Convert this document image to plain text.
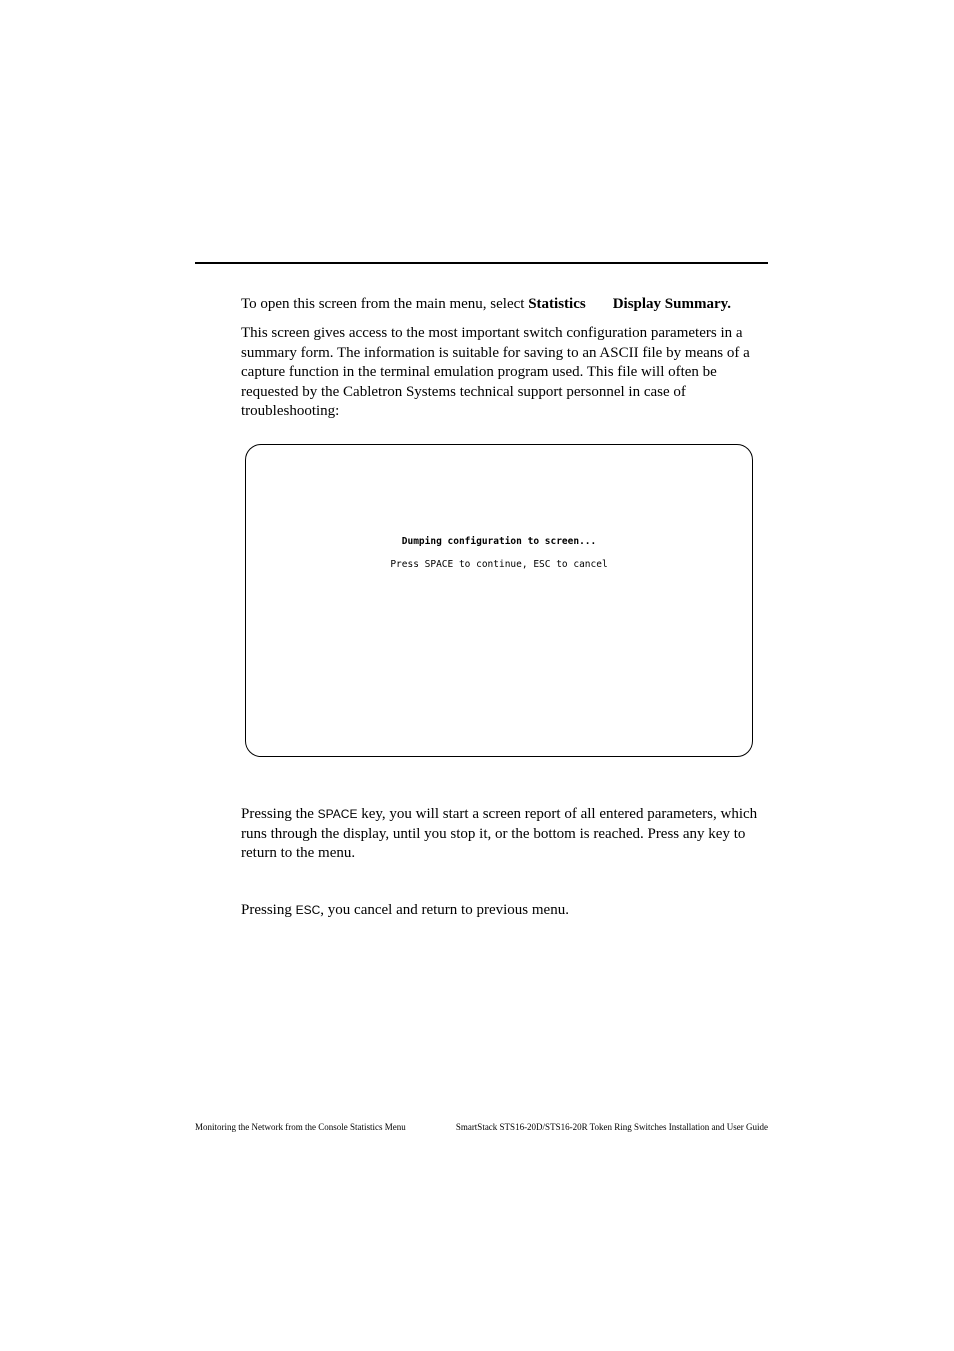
To open this screen from the main menu, select Statistics Display Summary.
This screen gives access to the most important switch configuration parameters in a summary form. The information is suitable for saving to an ASCII file by means of a capture function in the terminal emulation program used. This file will often be requested by the Cabletron Systems technical support personnel in case of troubleshooting:
Dumping configuration to screen...
Press SPACE to continue, ESC to cancel
Pressing the SPACE key, you will start a screen report of all entered parameters, which runs through the display, until you stop it, or the bottom is reached. Press any key to return to the menu.
Pressing ESC, you cancel and return to previous menu.
Monitoring the Network from the Console Statistics Menu	SmartStack STS16-20D/STS16-20R Token Ring Switches Installation and User Guide
